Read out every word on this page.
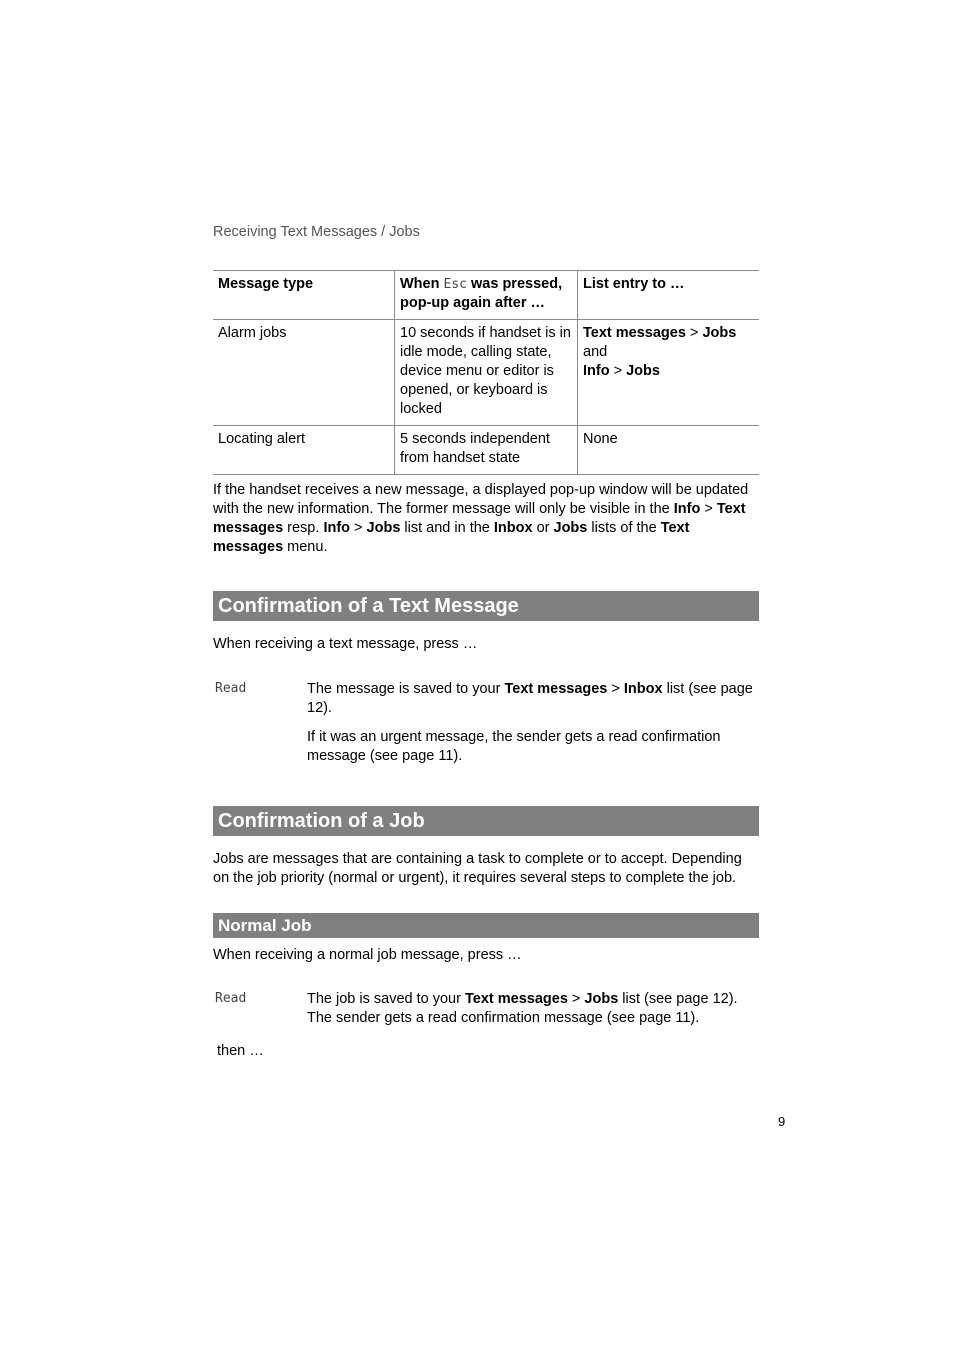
Receiving Text Messages / Jobs
Message type	When Esc was pressed, pop-up again after …	List entry to …
Alarm jobs	10 seconds if handset is in idle mode, calling state, device menu or editor is opened, or keyboard is locked	Text messages > Jobs
and
Info > Jobs
Locating alert	5 seconds independent from handset state	None

If the handset receives a new message, a displayed pop-up window will be updated with the new information. The former message will only be visible in the Info > Text messages resp. Info > Jobs list and in the Inbox or Jobs lists of the Text messages menu.

Confirmation of a Text Message

When receiving a text message, press …

Read	The message is saved to your Text messages > Inbox list (see page 12).

If it was an urgent message, the sender gets a read confirmation message (see page 11).

Confirmation of a Job

Jobs are messages that are containing a task to complete or to accept. Depending on the job priority (normal or urgent), it requires several steps to complete the job.

Normal Job

When receiving a normal job message, press …

Read	The job is saved to your Text messages > Jobs list (see page 12). The sender gets a read confirmation message (see page 11).

then …

9
